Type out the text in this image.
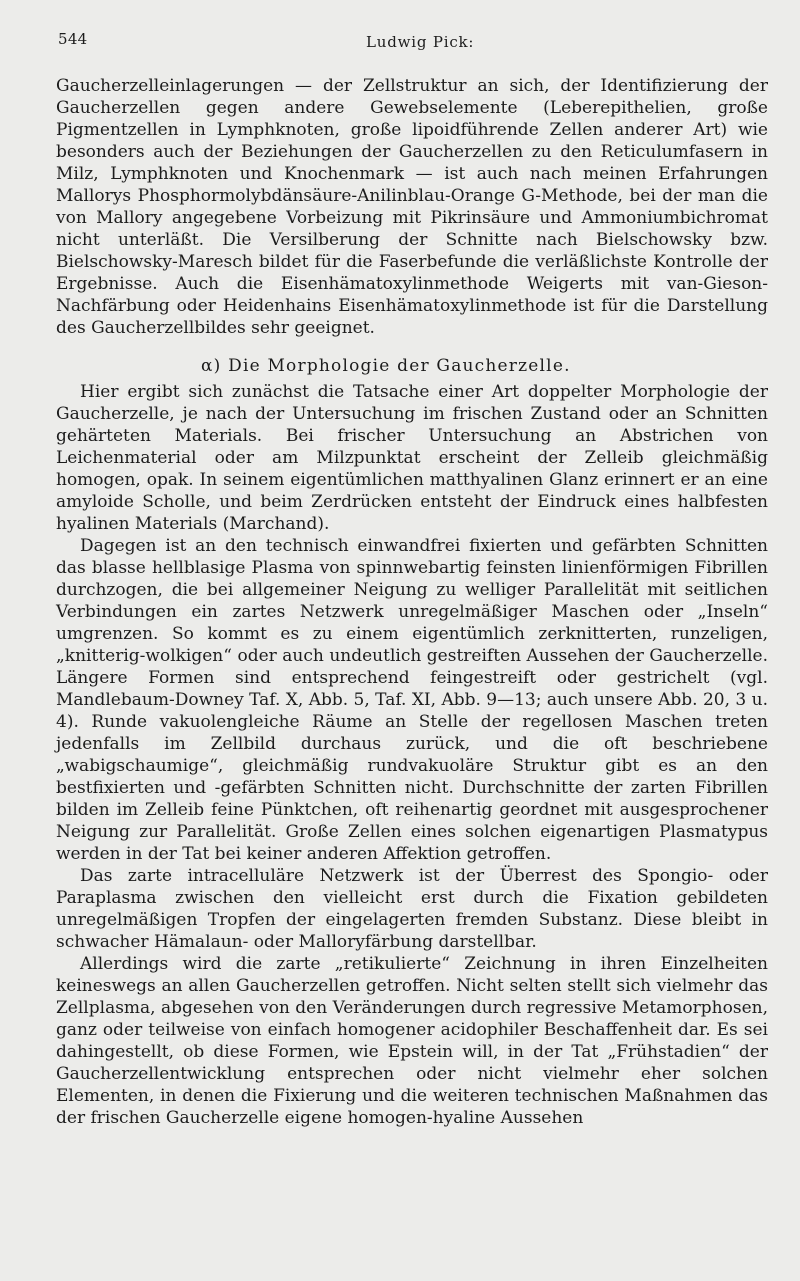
544	Ludwig Pick:

Gaucherzelleinlagerungen — der Zellstruktur an sich, der Identifizierung der Gaucherzellen gegen andere Gewebselemente (Leberepithelien, große Pigmentzellen in Lymphknoten, große lipoidführende Zellen anderer Art) wie besonders auch der Beziehungen der Gaucherzellen zu den Reticulumfasern in Milz, Lymphknoten und Knochenmark — ist auch nach meinen Erfahrungen Mallorys Phosphormolybdänsäure-Anilinblau-Orange G-Methode, bei der man die von Mallory angegebene Vorbeizung mit Pikrinsäure und Ammoniumbichromat nicht unterläßt. Die Versilberung der Schnitte nach Bielschowsky bzw. Bielschowsky-Maresch bildet für die Faserbefunde die verläßlichste Kontrolle der Ergebnisse. Auch die Eisenhämatoxylinmethode Weigerts mit van-Gieson-Nachfärbung oder Heidenhains Eisenhämatoxylinmethode ist für die Darstellung des Gaucherzellbildes sehr geeignet.

α) Die Morphologie der Gaucherzelle.

Hier ergibt sich zunächst die Tatsache einer Art doppelter Morphologie der Gaucherzelle, je nach der Untersuchung im frischen Zustand oder an Schnitten gehärteten Materials. Bei frischer Untersuchung an Abstrichen von Leichenmaterial oder am Milzpunktat erscheint der Zelleib gleichmäßig homogen, opak. In seinem eigentümlichen matthyalinen Glanz erinnert er an eine amyloide Scholle, und beim Zerdrücken entsteht der Eindruck eines halbfesten hyalinen Materials (Marchand).

Dagegen ist an den technisch einwandfrei fixierten und gefärbten Schnitten das blasse hellblasige Plasma von spinnwebartig feinsten linienförmigen Fibrillen durchzogen, die bei allgemeiner Neigung zu welliger Parallelität mit seitlichen Verbindungen ein zartes Netzwerk unregelmäßiger Maschen oder „Inseln“ umgrenzen. So kommt es zu einem eigentümlich zerknitterten, runzeligen, „knitterig-wolkigen“ oder auch undeutlich gestreiften Aussehen der Gaucherzelle. Längere Formen sind entsprechend feingestreift oder gestrichelt (vgl. Mandlebaum-Downey Taf. X, Abb. 5, Taf. XI, Abb. 9—13; auch unsere Abb. 20, 3 u. 4). Runde vakuolengleiche Räume an Stelle der regellosen Maschen treten jedenfalls im Zellbild durchaus zurück, und die oft beschriebene „wabigschaumige“, gleichmäßig rundvakuoläre Struktur gibt es an den bestfixierten und -gefärbten Schnitten nicht. Durchschnitte der zarten Fibrillen bilden im Zelleib feine Pünktchen, oft reihenartig geordnet mit ausgesprochener Neigung zur Parallelität. Große Zellen eines solchen eigenartigen Plasmatypus werden in der Tat bei keiner anderen Affektion getroffen.

Das zarte intracelluläre Netzwerk ist der Überrest des Spongio- oder Paraplasma zwischen den vielleicht erst durch die Fixation gebildeten unregelmäßigen Tropfen der eingelagerten fremden Substanz. Diese bleibt in schwacher Hämalaun- oder Malloryfärbung darstellbar.

Allerdings wird die zarte „retikulierte“ Zeichnung in ihren Einzelheiten keineswegs an allen Gaucherzellen getroffen. Nicht selten stellt sich vielmehr das Zellplasma, abgesehen von den Veränderungen durch regressive Metamorphosen, ganz oder teilweise von einfach homogener acidophiler Beschaffenheit dar. Es sei dahingestellt, ob diese Formen, wie Epstein will, in der Tat „Frühstadien“ der Gaucherzellentwicklung entsprechen oder nicht vielmehr eher solchen Elementen, in denen die Fixierung und die weiteren technischen Maßnahmen das der frischen Gaucherzelle eigene homogen-hyaline Aussehen
